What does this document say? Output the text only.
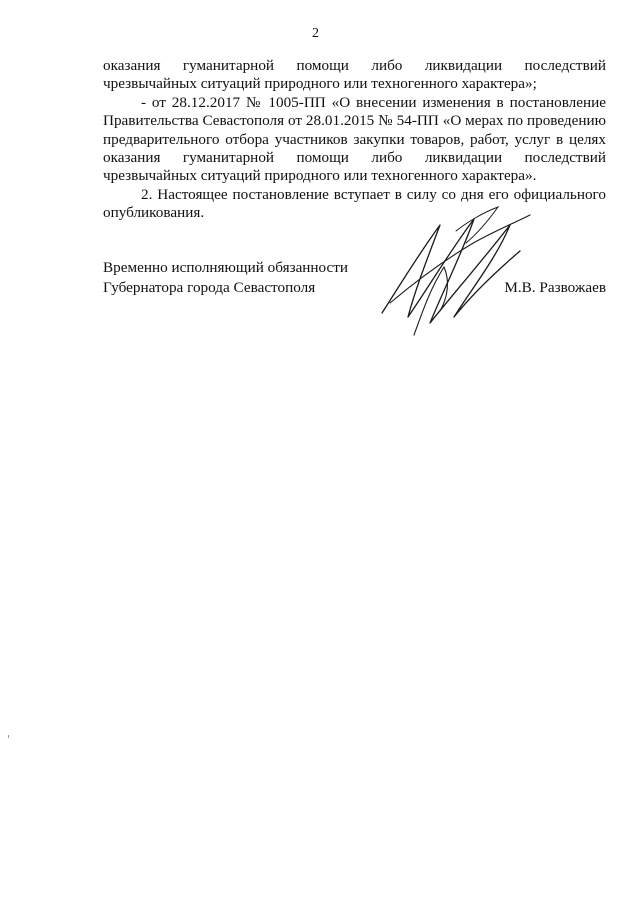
2

оказания гуманитарной помощи либо ликвидации последствий чрезвычайных ситуаций природного или техногенного характера»;

- от 28.12.2017 № 1005-ПП «О внесении изменения в постановление Правительства Севастополя от 28.01.2015 № 54-ПП «О мерах по проведению предварительного отбора участников закупки товаров, работ, услуг в целях оказания гуманитарной помощи либо ликвидации последствий чрезвычайных ситуаций природного или техногенного характера».

2. Настоящее постановление вступает в силу со дня его официального опубликования.

Временно исполняющий обязанности
Губернатора города Севастополя	М.В. Развожаев
